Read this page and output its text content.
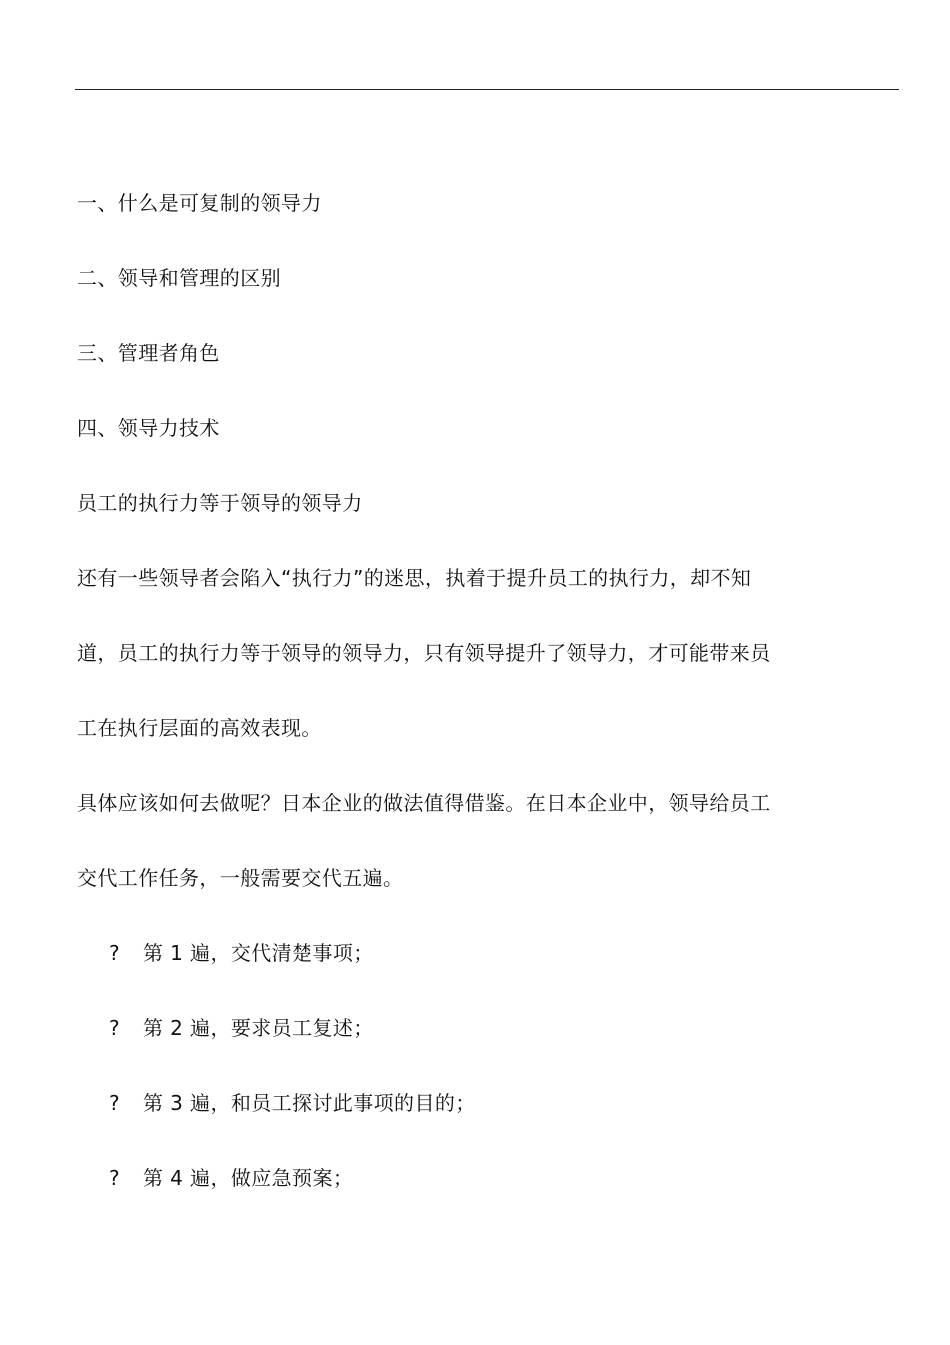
一、什么是可复制的领导力
二、领导和管理的区别
三、管理者角色
四、领导力技术
员工的执行力等于领导的领导力
还有一些领导者会陷入“执行力”的迷思，执着于提升员工的执行力，却不知
道，员工的执行力等于领导的领导力，只有领导提升了领导力，才可能带来员
工在执行层面的高效表现。
具体应该如何去做呢？日本企业的做法值得借鉴。在日本企业中，领导给员工
交代工作任务，一般需要交代五遍。
? 第 1 遍，交代清楚事项；
? 第 2 遍，要求员工复述；
? 第 3 遍，和员工探讨此事项的目的；
? 第 4 遍，做应急预案；
